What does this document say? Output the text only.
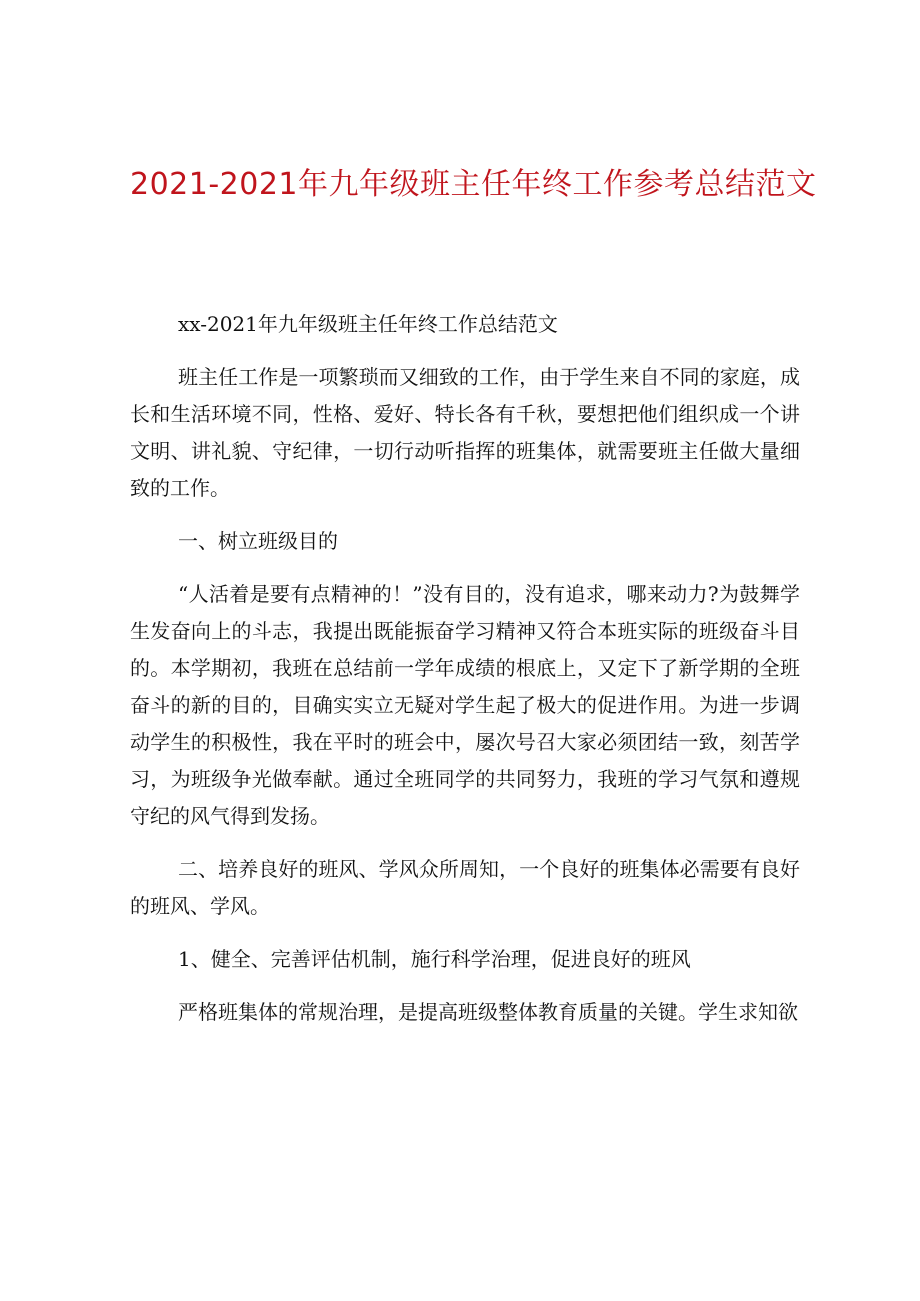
2021-2021年九年级班主任年终工作参考总结范文

xx-2021年九年级班主任年终工作总结范文

班主任工作是一项繁琐而又细致的工作，由于学生来自不同的家庭，成长和生活环境不同，性格、爱好、特长各有千秋，要想把他们组织成一个讲文明、讲礼貌、守纪律，一切行动听指挥的班集体，就需要班主任做大量细致的工作。

一、树立班级目的

“人活着是要有点精神的！”没有目的，没有追求，哪来动力?为鼓舞学生发奋向上的斗志，我提出既能振奋学习精神又符合本班实际的班级奋斗目的。本学期初，我班在总结前一学年成绩的根底上，又定下了新学期的全班奋斗的新的目的，目确实实立无疑对学生起了极大的促进作用。为进一步调动学生的积极性，我在平时的班会中，屡次号召大家必须团结一致，刻苦学习，为班级争光做奉献。通过全班同学的共同努力，我班的学习气氛和遵规守纪的风气得到发扬。

二、培养良好的班风、学风众所周知，一个良好的班集体必需要有良好的班风、学风。

1、健全、完善评估机制，施行科学治理，促进良好的班风

严格班集体的常规治理，是提高班级整体教育质量的关键。学生求知欲
